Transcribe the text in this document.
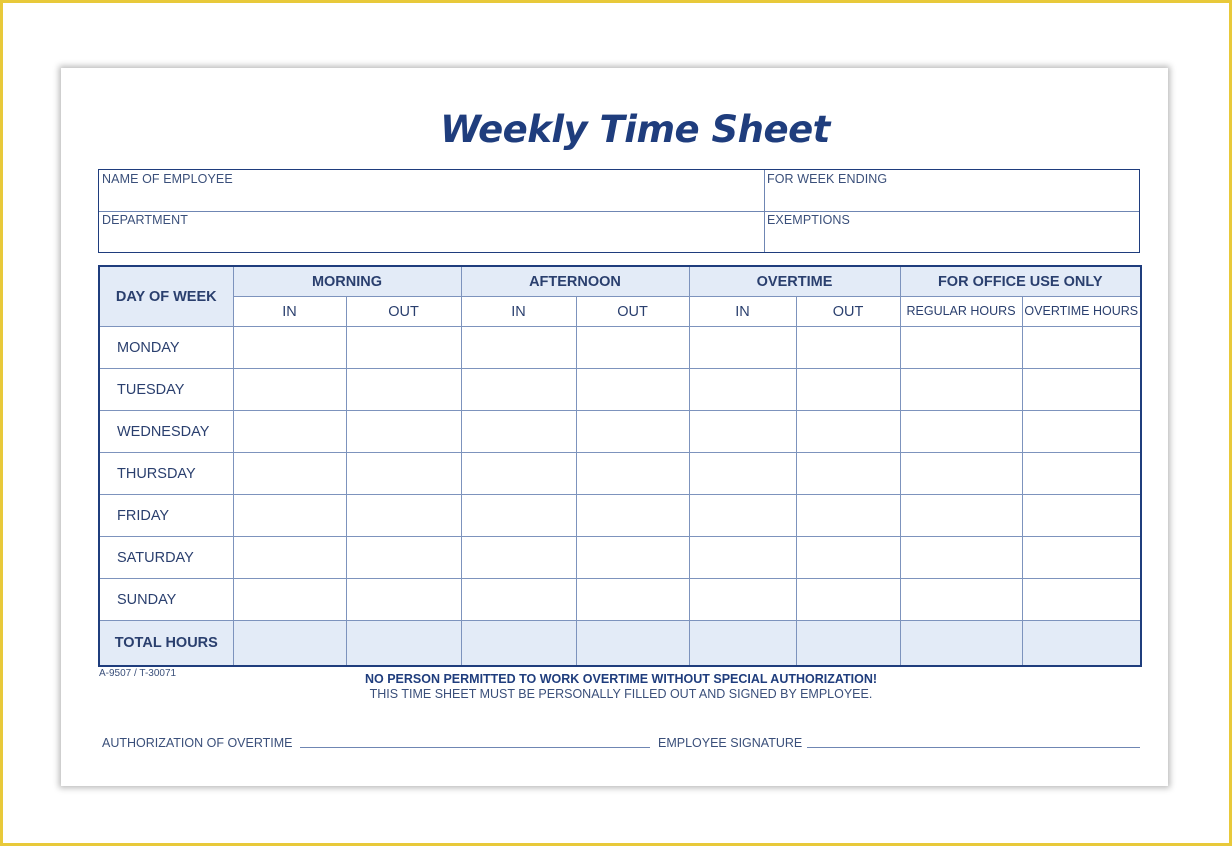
Weekly Time Sheet
NAME OF EMPLOYEE	FOR WEEK ENDING
DEPARTMENT	EXEMPTIONS
DAY OF WEEK	MORNING		AFTERNOON		OVERTIME		FOR OFFICE USE ONLY	
	IN	OUT	IN	OUT	IN	OUT	REGULAR HOURS	OVERTIME HOURS
MONDAY								
TUESDAY								
WEDNESDAY								
THURSDAY								
FRIDAY								
SATURDAY								
SUNDAY								
TOTAL HOURS								
A-9507 / T-30071	NO PERSON PERMITTED TO WORK OVERTIME WITHOUT SPECIAL AUTHORIZATION!
THIS TIME SHEET MUST BE PERSONALLY FILLED OUT AND SIGNED BY EMPLOYEE.
AUTHORIZATION OF OVERTIME	EMPLOYEE SIGNATURE
